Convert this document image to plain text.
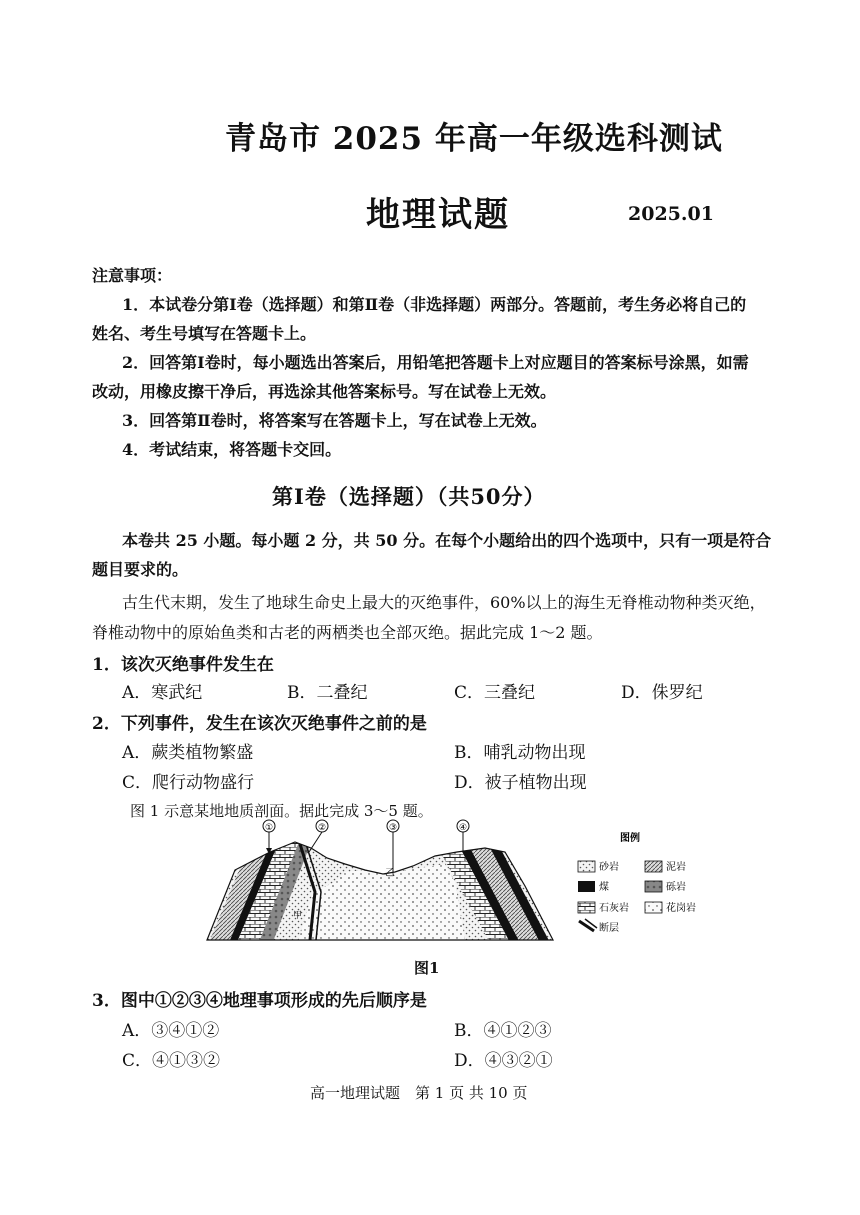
青岛市 2025 年高一年级选科测试
地理试题	2025.01
注意事项：
1．本试卷分第Ⅰ卷（选择题）和第Ⅱ卷（非选择题）两部分。答题前，考生务必将自己的
姓名、考生号填写在答题卡上。
2．回答第Ⅰ卷时，每小题选出答案后，用铅笔把答题卡上对应题目的答案标号涂黑，如需
改动，用橡皮擦干净后，再选涂其他答案标号。写在试卷上无效。
3．回答第Ⅱ卷时，将答案写在答题卡上，写在试卷上无效。
4．考试结束，将答题卡交回。
第Ⅰ卷（选择题）（共50分）
本卷共 25 小题。每小题 2 分，共 50 分。在每个小题给出的四个选项中，只有一项是符合
题目要求的。
古生代末期，发生了地球生命史上最大的灭绝事件，60%以上的海生无脊椎动物种类灭绝，
脊椎动物中的原始鱼类和古老的两栖类也全部灭绝。据此完成 1～2 题。
1．该次灭绝事件发生在
A．寒武纪	B．二叠纪	C．三叠纪	D．侏罗纪
2．下列事件，发生在该次灭绝事件之前的是
A．蕨类植物繁盛	B．哺乳动物出现
C．爬行动物盛行	D．被子植物出现
图 1 示意某地地质剖面。据此完成 3～5 题。
①	②	③	④
乙
甲
图例
砂岩	泥岩
煤	砾岩
石灰岩	花岗岩
断层
图1
3．图中①②③④地理事项形成的先后顺序是
A．③④①②	B．④①②③
C．④①③②	D．④③②①
高一地理试题　第 1 页 共 10 页
